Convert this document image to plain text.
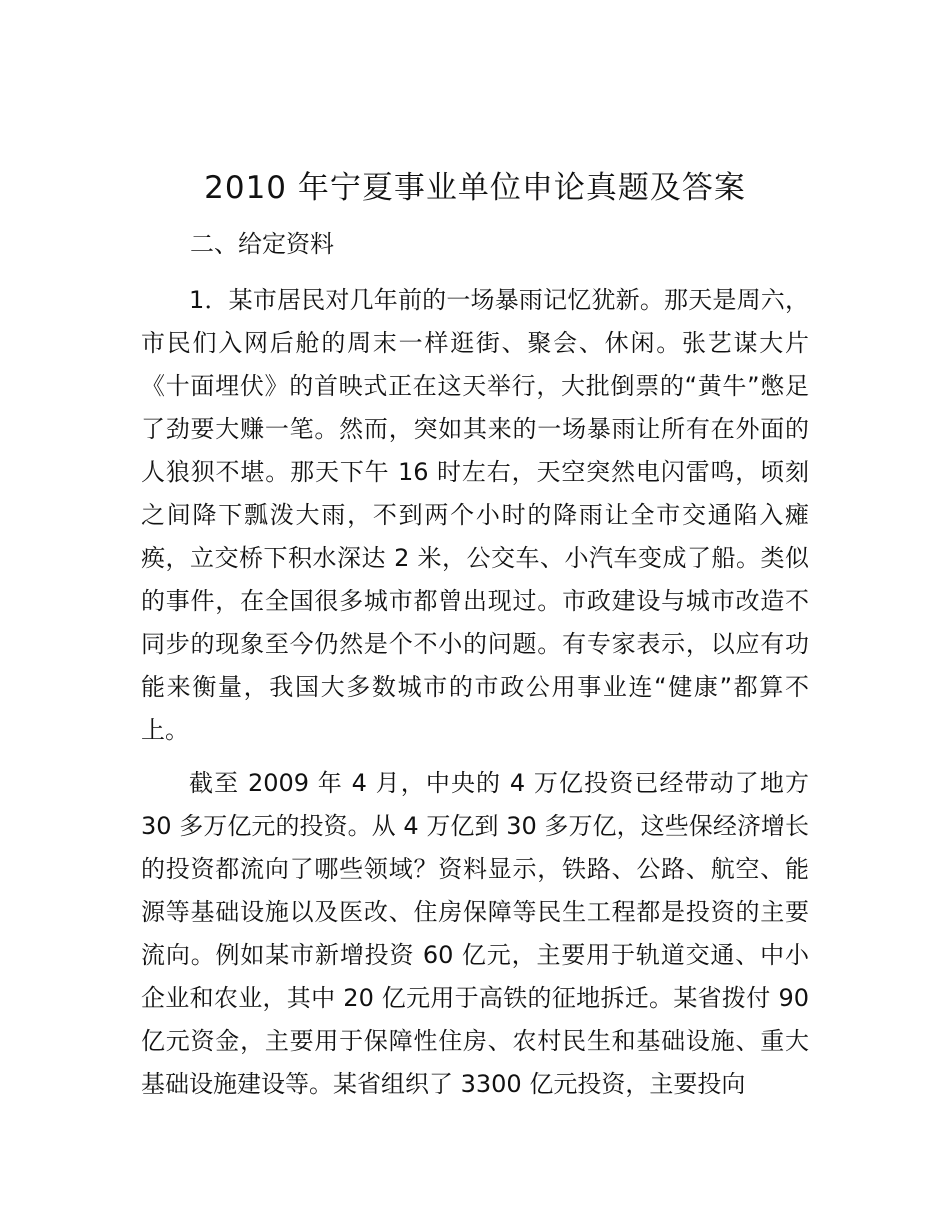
2010 年宁夏事业单位申论真题及答案

二、给定资料

1．某市居民对几年前的一场暴雨记忆犹新。那天是周六，市民们入网后舱的周末一样逛街、聚会、休闲。张艺谋大片《十面埋伏》的首映式正在这天举行，大批倒票的“黄牛”憋足了劲要大赚一笔。然而，突如其来的一场暴雨让所有在外面的人狼狈不堪。那天下午 16 时左右，天空突然电闪雷鸣，顷刻之间降下瓢泼大雨，不到两个小时的降雨让全市交通陷入瘫痪，立交桥下积水深达 2 米，公交车、小汽车变成了船。类似的事件，在全国很多城市都曾出现过。市政建设与城市改造不同步的现象至今仍然是个不小的问题。有专家表示，以应有功能来衡量，我国大多数城市的市政公用事业连“健康”都算不上。

截至 2009 年 4 月，中央的 4 万亿投资已经带动了地方 30 多万亿元的投资。从 4 万亿到 30 多万亿，这些保经济增长的投资都流向了哪些领域？资料显示，铁路、公路、航空、能源等基础设施以及医改、住房保障等民生工程都是投资的主要流向。例如某市新增投资 60 亿元，主要用于轨道交通、中小企业和农业，其中 20 亿元用于高铁的征地拆迁。某省拨付 90 亿元资金，主要用于保障性住房、农村民生和基础设施、重大基础设施建设等。某省组织了 3300 亿元投资，主要投向
